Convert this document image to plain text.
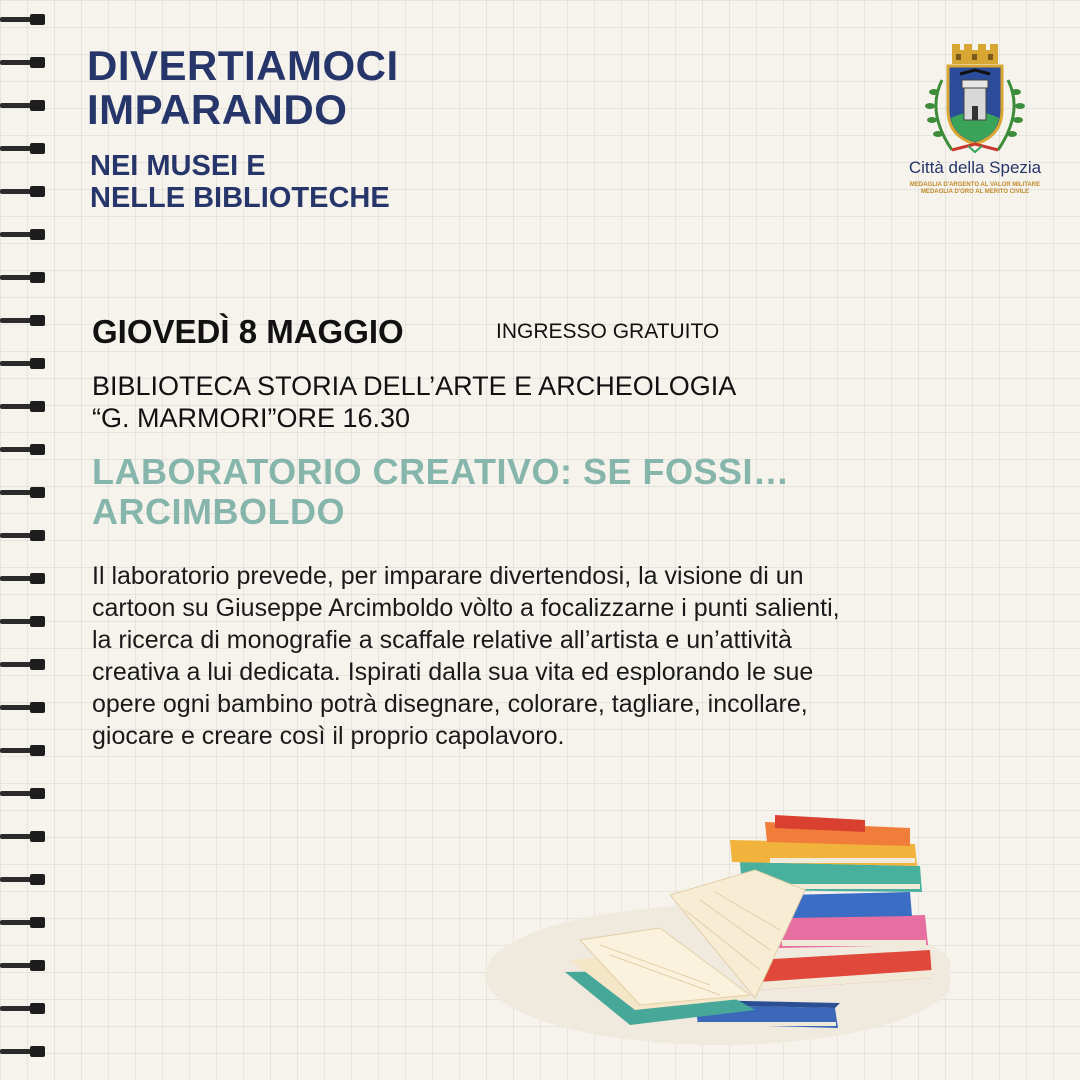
DIVERTIAMOCI
IMPARANDO
NEI MUSEI E
NELLE BIBLIOTECHE
Città della Spezia
MEDAGLIA D'ARGENTO AL VALOR MILITARE
MEDAGLIA D'ORO AL MERITO CIVILE
GIOVEDÌ 8 MAGGIO	INGRESSO GRATUITO
BIBLIOTECA STORIA DELL’ARTE E ARCHEOLOGIA
“G. MARMORI”ORE 16.30
LABORATORIO CREATIVO: SE FOSSI…
ARCIMBOLDO
Il laboratorio prevede, per imparare divertendosi, la visione di un
cartoon su Giuseppe Arcimboldo vòlto a focalizzarne i punti salienti,
la ricerca di monografie a scaffale relative all’artista e un’attività
creativa a lui dedicata. Ispirati dalla sua vita ed esplorando le sue
opere ogni bambino potrà disegnare, colorare, tagliare, incollare,
giocare e creare così il proprio capolavoro.
